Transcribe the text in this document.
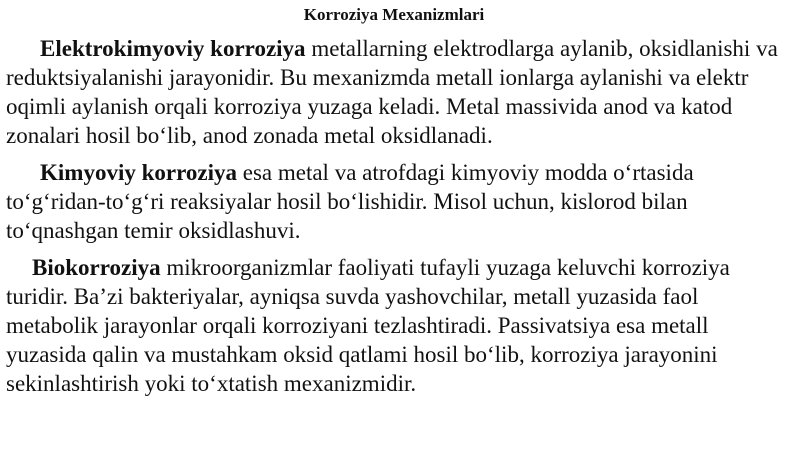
Korroziya Mexanizmlari

Elektrokimyoviy korroziya metallarning elektrodlarga aylanib, oksidlanishi va reduktsiyalanishi jarayonidir. Bu mexanizmda metall ionlarga aylanishi va elektr oqimli aylanish orqali korroziya yuzaga keladi. Metal massivida anod va katod zonalari hosil bo‘lib, anod zonada metal oksidlanadi.

Kimyoviy korroziya esa metal va atrofdagi kimyoviy modda o‘rtasida to‘g‘ridan-to‘g‘ri reaksiyalar hosil bo‘lishidir. Misol uchun, kislorod bilan to‘qnashgan temir oksidlashuvi.

Biokorroziya mikroorganizmlar faoliyati tufayli yuzaga keluvchi korroziya turidir. Ba’zi bakteriyalar, ayniqsa suvda yashovchilar, metall yuzasida faol metabolik jarayonlar orqali korroziyani tezlashtiradi. Passivatsiya esa metall yuzasida qalin va mustahkam oksid qatlami hosil bo‘lib, korroziya jarayonini sekinlashtirish yoki to‘xtatish mexanizmidir.
